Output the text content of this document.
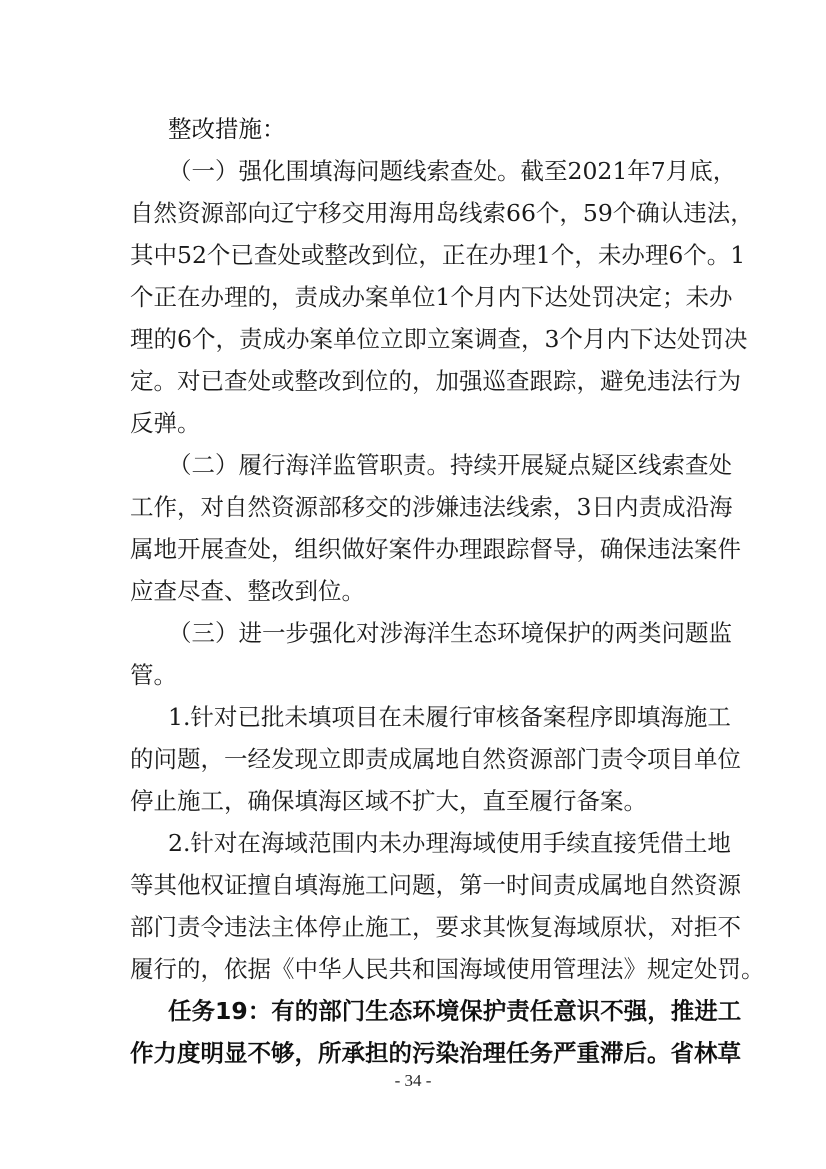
整改措施：
（一）强化围填海问题线索查处。截至2021年7月底，
自然资源部向辽宁移交用海用岛线索66个，59个确认违法，
其中52个已查处或整改到位，正在办理1个，未办理6个。1
个正在办理的，责成办案单位1个月内下达处罚决定；未办
理的6个，责成办案单位立即立案调查，3个月内下达处罚决
定。对已查处或整改到位的，加强巡查跟踪，避免违法行为
反弹。
（二）履行海洋监管职责。持续开展疑点疑区线索查处
工作，对自然资源部移交的涉嫌违法线索，3日内责成沿海
属地开展查处，组织做好案件办理跟踪督导，确保违法案件
应查尽查、整改到位。
（三）进一步强化对涉海洋生态环境保护的两类问题监
管。
1.针对已批未填项目在未履行审核备案程序即填海施工
的问题，一经发现立即责成属地自然资源部门责令项目单位
停止施工，确保填海区域不扩大，直至履行备案。
2.针对在海域范围内未办理海域使用手续直接凭借土地
等其他权证擅自填海施工问题，第一时间责成属地自然资源
部门责令违法主体停止施工，要求其恢复海域原状，对拒不
履行的，依据《中华人民共和国海域使用管理法》规定处罚。
任务19：有的部门生态环境保护责任意识不强，推进工
作力度明显不够，所承担的污染治理任务严重滞后。省林草
- 34 -
